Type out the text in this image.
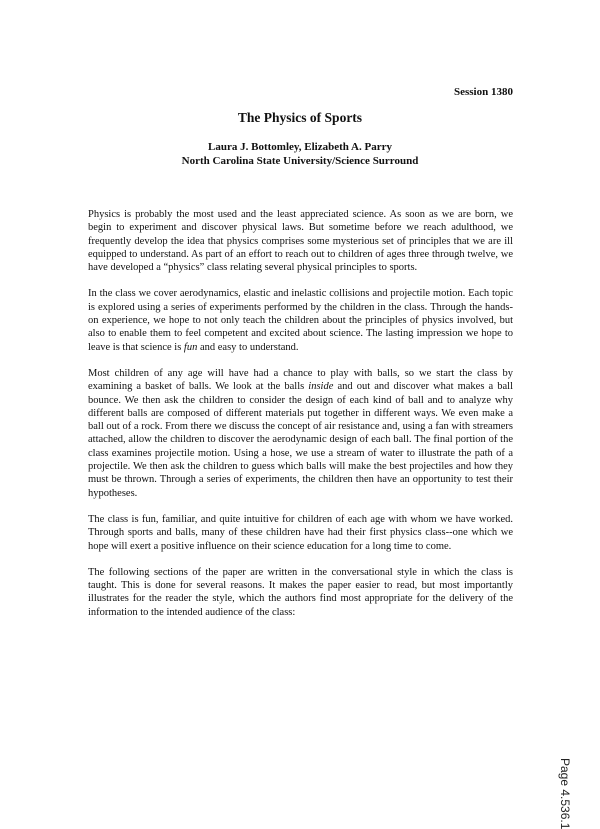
Session 1380
The Physics of Sports
Laura J. Bottomley, Elizabeth A. Parry
North Carolina State University/Science Surround

Physics is probably the most used and the least appreciated science. As soon as we are born, we begin to experiment and discover physical laws. But sometime before we reach adulthood, we frequently develop the idea that physics comprises some mysterious set of principles that we are ill equipped to understand. As part of an effort to reach out to children of ages three through twelve, we have developed a “physics” class relating several physical principles to sports.

In the class we cover aerodynamics, elastic and inelastic collisions and projectile motion. Each topic is explored using a series of experiments performed by the children in the class. Through the hands-on experience, we hope to not only teach the children about the principles of physics involved, but also to enable them to feel competent and excited about science. The lasting impression we hope to leave is that science is fun and easy to understand.

Most children of any age will have had a chance to play with balls, so we start the class by examining a basket of balls. We look at the balls inside and out and discover what makes a ball bounce. We then ask the children to consider the design of each kind of ball and to analyze why different balls are composed of different materials put together in different ways. We even make a ball out of a rock. From there we discuss the concept of air resistance and, using a fan with streamers attached, allow the children to discover the aerodynamic design of each ball. The final portion of the class examines projectile motion. Using a hose, we use a stream of water to illustrate the path of a projectile. We then ask the children to guess which balls will make the best projectiles and how they must be thrown. Through a series of experiments, the children then have an opportunity to test their hypotheses.

The class is fun, familiar, and quite intuitive for children of each age with whom we have worked. Through sports and balls, many of these children have had their first physics class--one which we hope will exert a positive influence on their science education for a long time to come.

The following sections of the paper are written in the conversational style in which the class is taught. This is done for several reasons. It makes the paper easier to read, but most importantly illustrates for the reader the style, which the authors find most appropriate for the delivery of the information to the intended audience of the class:

Page 4.536.1
